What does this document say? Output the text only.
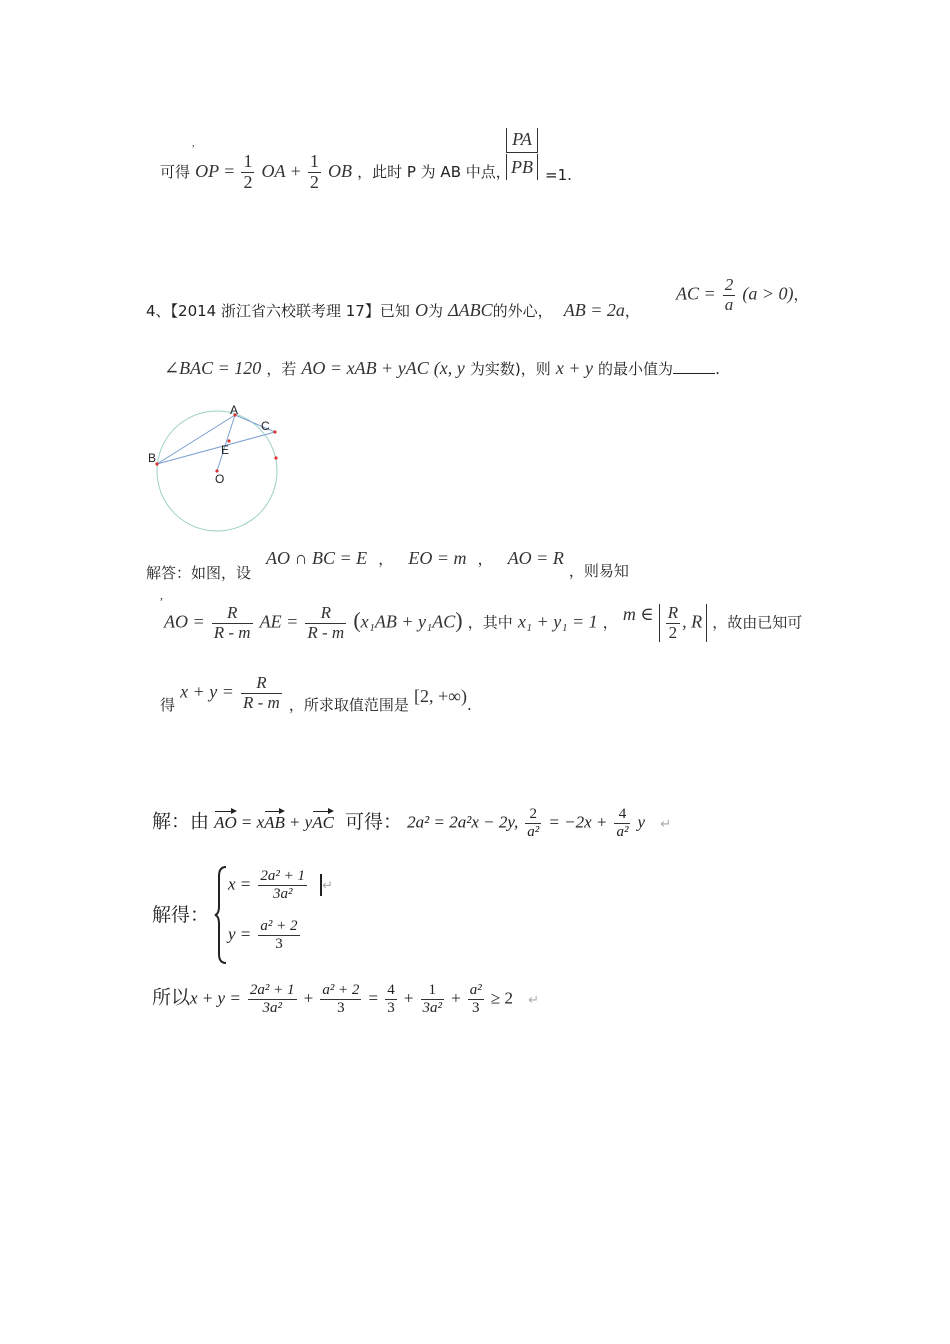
,
可得 OP = $\frac{1}{2}$ OA + $\frac{1}{2}$ OB ，此时 P 为 AB 中点，
$\frac{PA}{PB} =1$.
4、【2014 浙江省六校联考理 17】已知 O为 ΔABC的外心， AB = 2a，
AC = $\frac{2}{a} (a > 0)$，
∠BAC = 120 ，若 AO = xAB + yAC (x, y 为实数)，则 x + y 的最小值为	.
A
C
E
B
O
解答：如图，设
AO ∩ BC = E ， EO = m ， AO = R ，则易知
,
AO = $\frac{R}{R - m}$ AE = $\frac{R}{R - m} (x_1AB + y_1AC)$ ，其中 x₁ + y₁ = 1 ， m ∈ $\frac{R}{2}$ , R ，故由已知可
得 $x + y = \frac{R}{R - m}$ ，所求取值范围是 [2, +∞).
解：由 AO = xAB + yAC 可得： 2a² = 2a²x − 2y, $\frac{2}{\text{a²}} = -2x + \frac{4}{\text{a²}}$ y ↵
解得：
$x = \frac{\text{2a² + 1}}{\text{3a²}}$ ↵
$y = \frac{\text{a² + 2}}{3}$
所以$x + y = \frac{\text{2a² + 1}}{\text{3a²}} + \frac{\text{a² + 2}}{3} = \frac{4}{3} + \frac{1}{\text{3a²}} + \frac{\text{a²}}{3} \ge 2$ ↵
